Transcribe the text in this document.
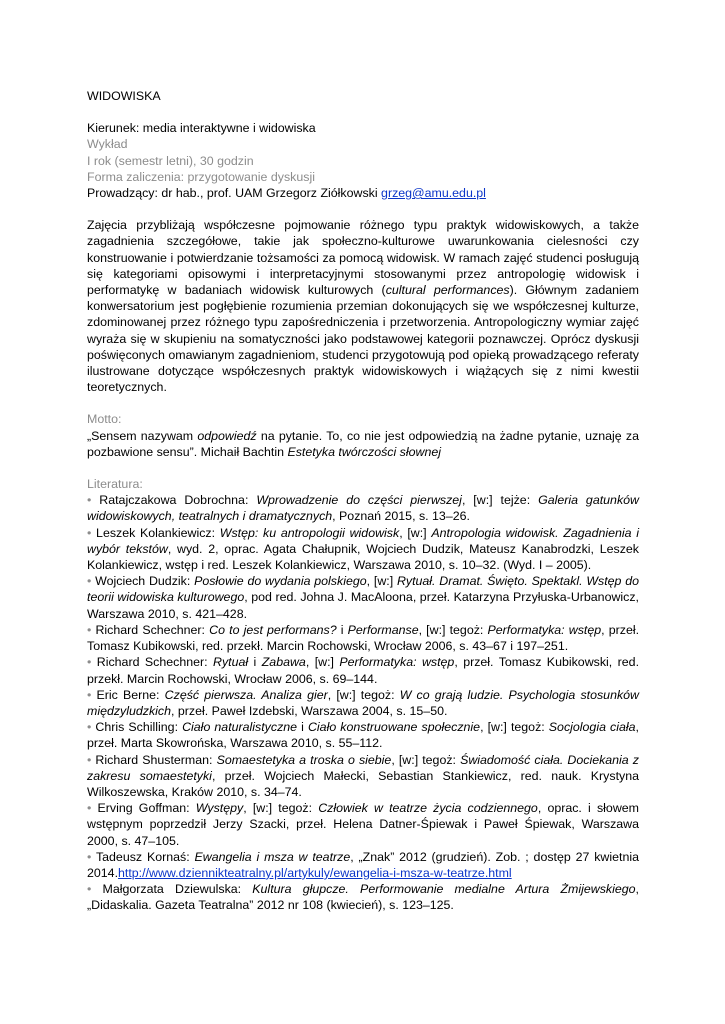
WIDOWISKA
Kierunek: media interaktywne i widowiska
Wykład
I rok (semestr letni), 30 godzin
Forma zaliczenia: przygotowanie dyskusji
Prowadzący: dr hab., prof. UAM Grzegorz Ziółkowski grzeg@amu.edu.pl
Zajęcia przybliżają współczesne pojmowanie różnego typu praktyk widowiskowych, a także zagadnienia szczegółowe, takie jak społeczno-kulturowe uwarunkowania cielesności czy konstruowanie i potwierdzanie tożsamości za pomocą widowisk. W ramach zajęć studenci posługują się kategoriami opisowymi i interpretacyjnymi stosowanymi przez antropologię widowisk i performatykę w badaniach widowisk kulturowych (cultural performances). Głównym zadaniem konwersatorium jest pogłębienie rozumienia przemian dokonujących się we współczesnej kulturze, zdominowanej przez różnego typu zapośredniczenia i przetworzenia. Antropologiczny wymiar zajęć wyraża się w skupieniu na somatyczności jako podstawowej kategorii poznawczej. Oprócz dyskusji poświęconych omawianym zagadnieniom, studenci przygotowują pod opieką prowadzącego referaty ilustrowane dotyczące współczesnych praktyk widowiskowych i wiążących się z nimi kwestii teoretycznych.
Motto:
„Sensem nazywam odpowiedź na pytanie. To, co nie jest odpowiedzią na żadne pytanie, uznaję za pozbawione sensu”. Michaił Bachtin Estetyka twórczości słownej
Literatura:
• Ratajczakowa Dobrochna: Wprowadzenie do części pierwszej, [w:] tejże: Galeria gatunków widowiskowych, teatralnych i dramatycznych, Poznań 2015, s. 13–26.
• Leszek Kolankiewicz: Wstęp: ku antropologii widowisk, [w:] Antropologia widowisk. Zagadnienia i wybór tekstów, wyd. 2, oprac. Agata Chałupnik, Wojciech Dudzik, Mateusz Kanabrodzki, Leszek Kolankiewicz, wstęp i red. Leszek Kolankiewicz, Warszawa 2010, s. 10–32. (Wyd. I – 2005).
• Wojciech Dudzik: Posłowie do wydania polskiego, [w:] Rytuał. Dramat. Święto. Spektakl. Wstęp do teorii widowiska kulturowego, pod red. Johna J. MacAloona, przeł. Katarzyna Przyłuska-Urbanowicz, Warszawa 2010, s. 421–428.
• Richard Schechner: Co to jest performans? i Performanse, [w:] tegoż: Performatyka: wstęp, przeł. Tomasz Kubikowski, red. przekł. Marcin Rochowski, Wrocław 2006, s. 43–67 i 197–251.
• Richard Schechner: Rytuał i Zabawa, [w:] Performatyka: wstęp, przeł. Tomasz Kubikowski, red. przekł. Marcin Rochowski, Wrocław 2006, s. 69–144.
• Eric Berne: Część pierwsza. Analiza gier, [w:] tegoż: W co grają ludzie. Psychologia stosunków międzyludzkich, przeł. Paweł Izdebski, Warszawa 2004, s. 15–50.
• Chris Schilling: Ciało naturalistyczne i Ciało konstruowane społecznie, [w:] tegoż: Socjologia ciała, przeł. Marta Skowrońska, Warszawa 2010, s. 55–112.
• Richard Shusterman: Somaestetyka a troska o siebie, [w:] tegoż: Świadomość ciała. Dociekania z zakresu somaestetyki, przeł. Wojciech Małecki, Sebastian Stankiewicz, red. nauk. Krystyna Wilkoszewska, Kraków 2010, s. 34–74.
• Erving Goffman: Występy, [w:] tegoż: Człowiek w teatrze życia codziennego, oprac. i słowem wstępnym poprzedził Jerzy Szacki, przeł. Helena Datner-Śpiewak i Paweł Śpiewak, Warszawa 2000, s. 47–105.
• Tadeusz Kornaś: Ewangelia i msza w teatrze, „Znak” 2012 (grudzień). Zob. ; dostęp 27 kwietnia 2014.http://www.dziennikteatralny.pl/artykuly/ewangelia-i-msza-w-teatrze.html
• Małgorzata Dziewulska: Kultura głupcze. Performowanie medialne Artura Żmijewskiego, „Didaskalia. Gazeta Teatralna” 2012 nr 108 (kwiecień), s. 123–125.
